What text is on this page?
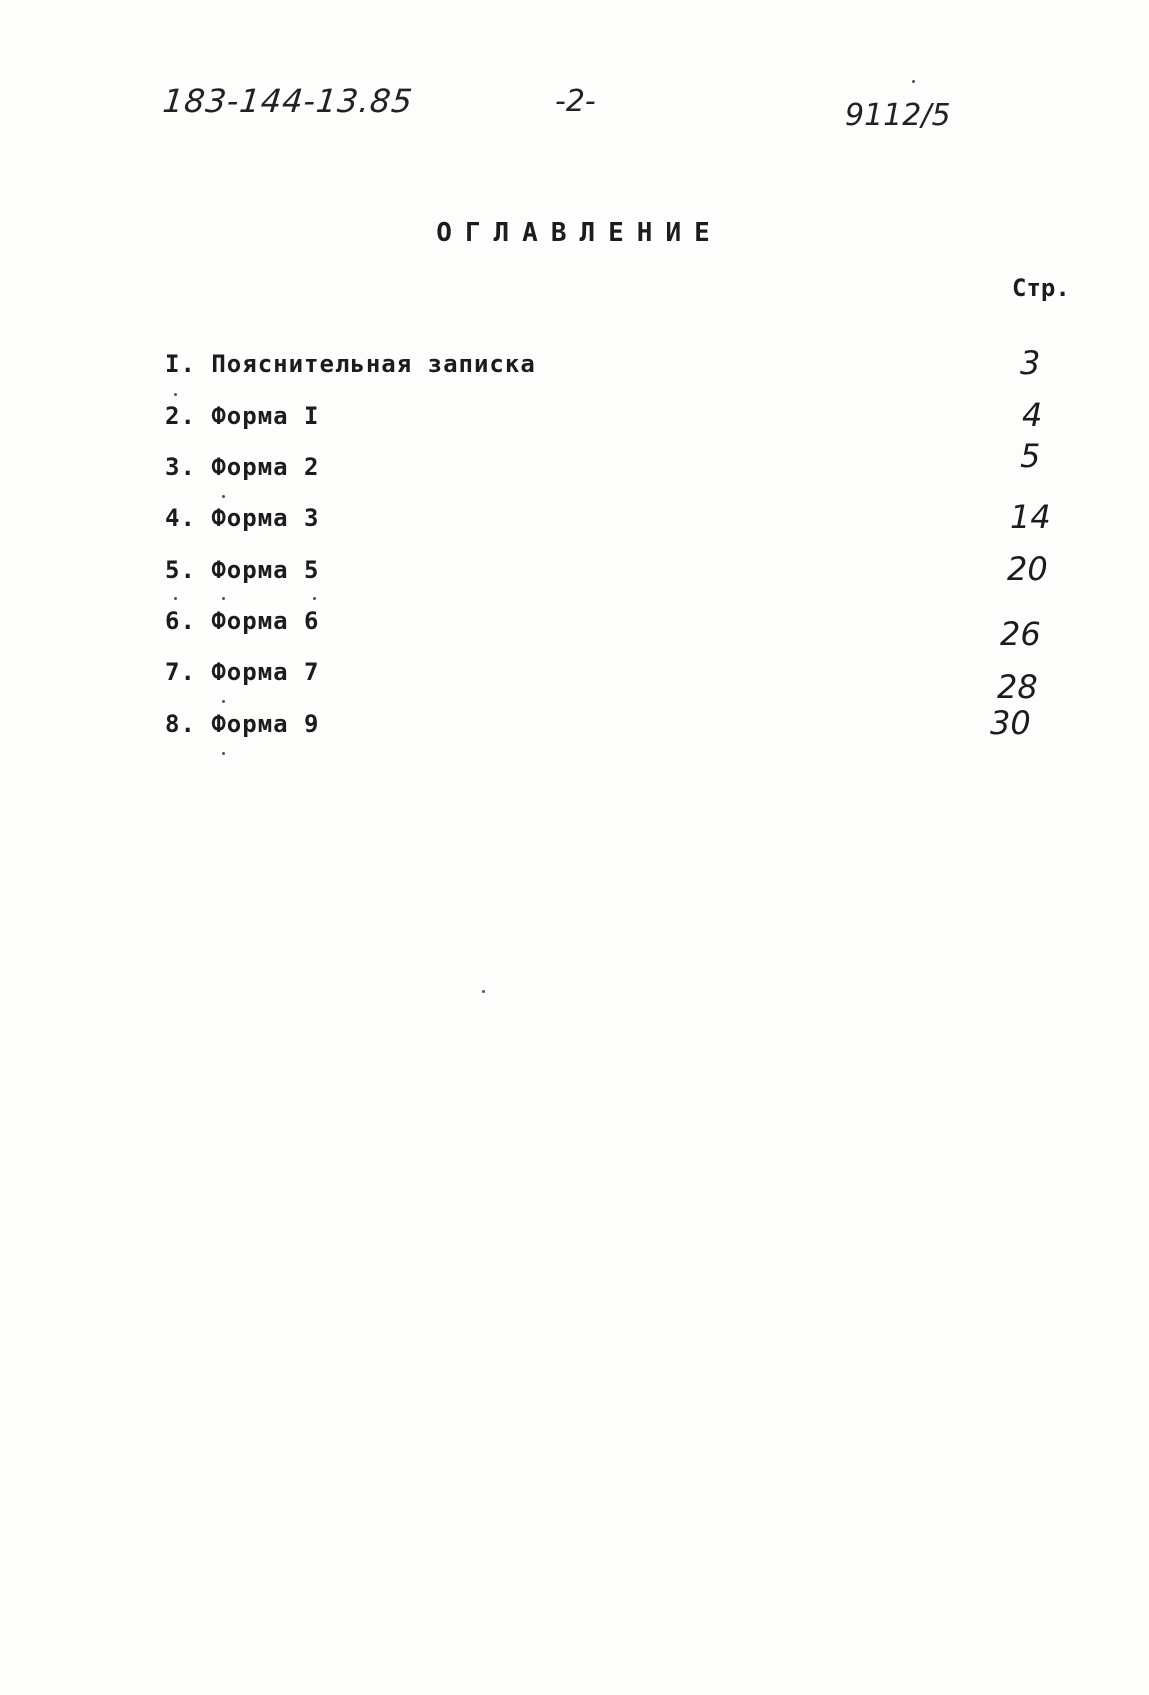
183-144-13.85	-2-	9112/5
ОГЛАВЛЕНИЕ
Стр.
I. Пояснительная записка	3
2. Форма I	4
3. Форма 2	5
4. Форма 3	14
5. Форма 5	20
6. Форма 6	26
7. Форма 7	28
8. Форма 9	30
